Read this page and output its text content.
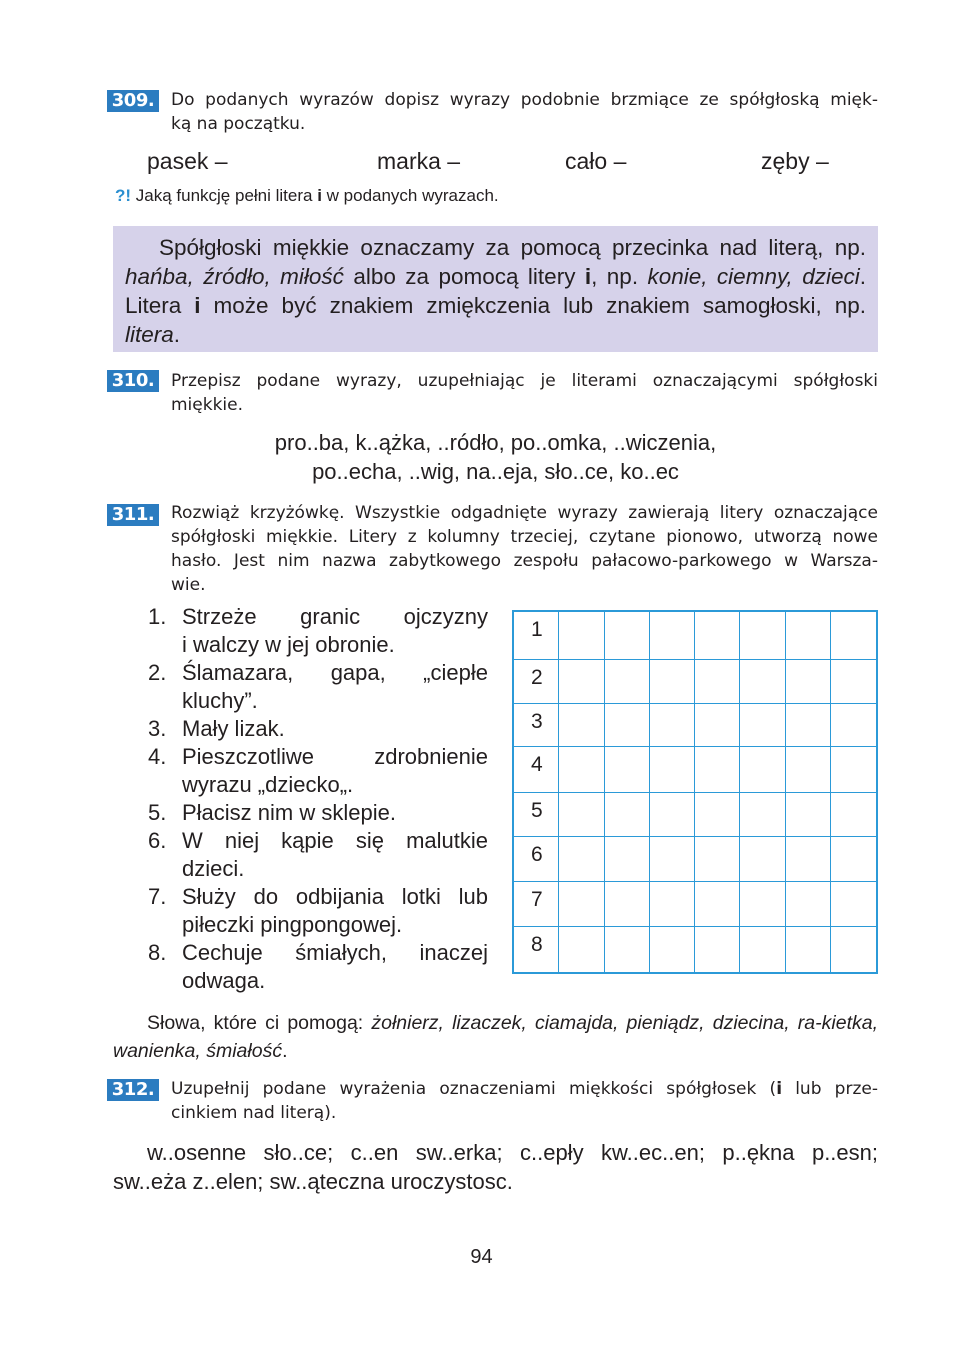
309. Do podanych wyrazów dopisz wyrazy podobnie brzmiące ze spółgłoską mięk-
ką na początku.
pasek –	marka –	cało –	zęby –
?! Jaką funkcję pełni litera i w podanych wyrazach.

Spółgłoski miękkie oznaczamy za pomocą przecinka nad literą, np. hańba, źródło, miłość albo za pomocą litery i, np. konie, ciemny, dzieci. Litera i może być znakiem zmiękczenia lub znakiem samogłoski, np. litera.

310. Przepisz podane wyrazy, uzupełniając je literami oznaczającymi spółgłoski
miękkie.
pro..ba, k..ążka, ..ródło, po..omka, ..wiczenia,
po..echa, ..wig, na..eja, sło..ce, ko..ec
311. Rozwiąż krzyżówkę. Wszystkie odgadnięte wyrazy zawierają litery oznaczające
spółgłoski miękkie. Litery z kolumny trzeciej, czytane pionowo, utworzą nowe
hasło. Jest nim nazwa zabytkowego zespołu pałacowo-parkowego w Warsza-
wie.
1. Strzeże granic ojczyzny
i walczy w jej obronie.
2. Ślamazara, gapa, „ciepłe
kluchy”.
3. Mały lizak.
4. Pieszczotliwe zdrobnienie
wyrazu „dziecko„.
5. Płacisz nim w sklepie.
6. W niej kąpie się malutkie
dzieci.
7. Służy do odbijania lotki lub
piłeczki pingpongowej.
8. Cechuje śmiałych, inaczej
odwaga.
1
2
3
4
5
6
7
8
Słowa, które ci pomogą: żołnierz, lizaczek, ciamajda, pieniądz, dziecina, ra-kietka, wanienka, śmiałość.
312. Uzupełnij podane wyrażenia oznaczeniami miękkości spółgłosek (i lub prze-
cinkiem nad literą).
w..osenne sło..ce; c..en sw..erka; c..epły kw..ec..en; p..ękna p..esn; sw..eża z..elen; sw..ąteczna uroczystosc.
94
